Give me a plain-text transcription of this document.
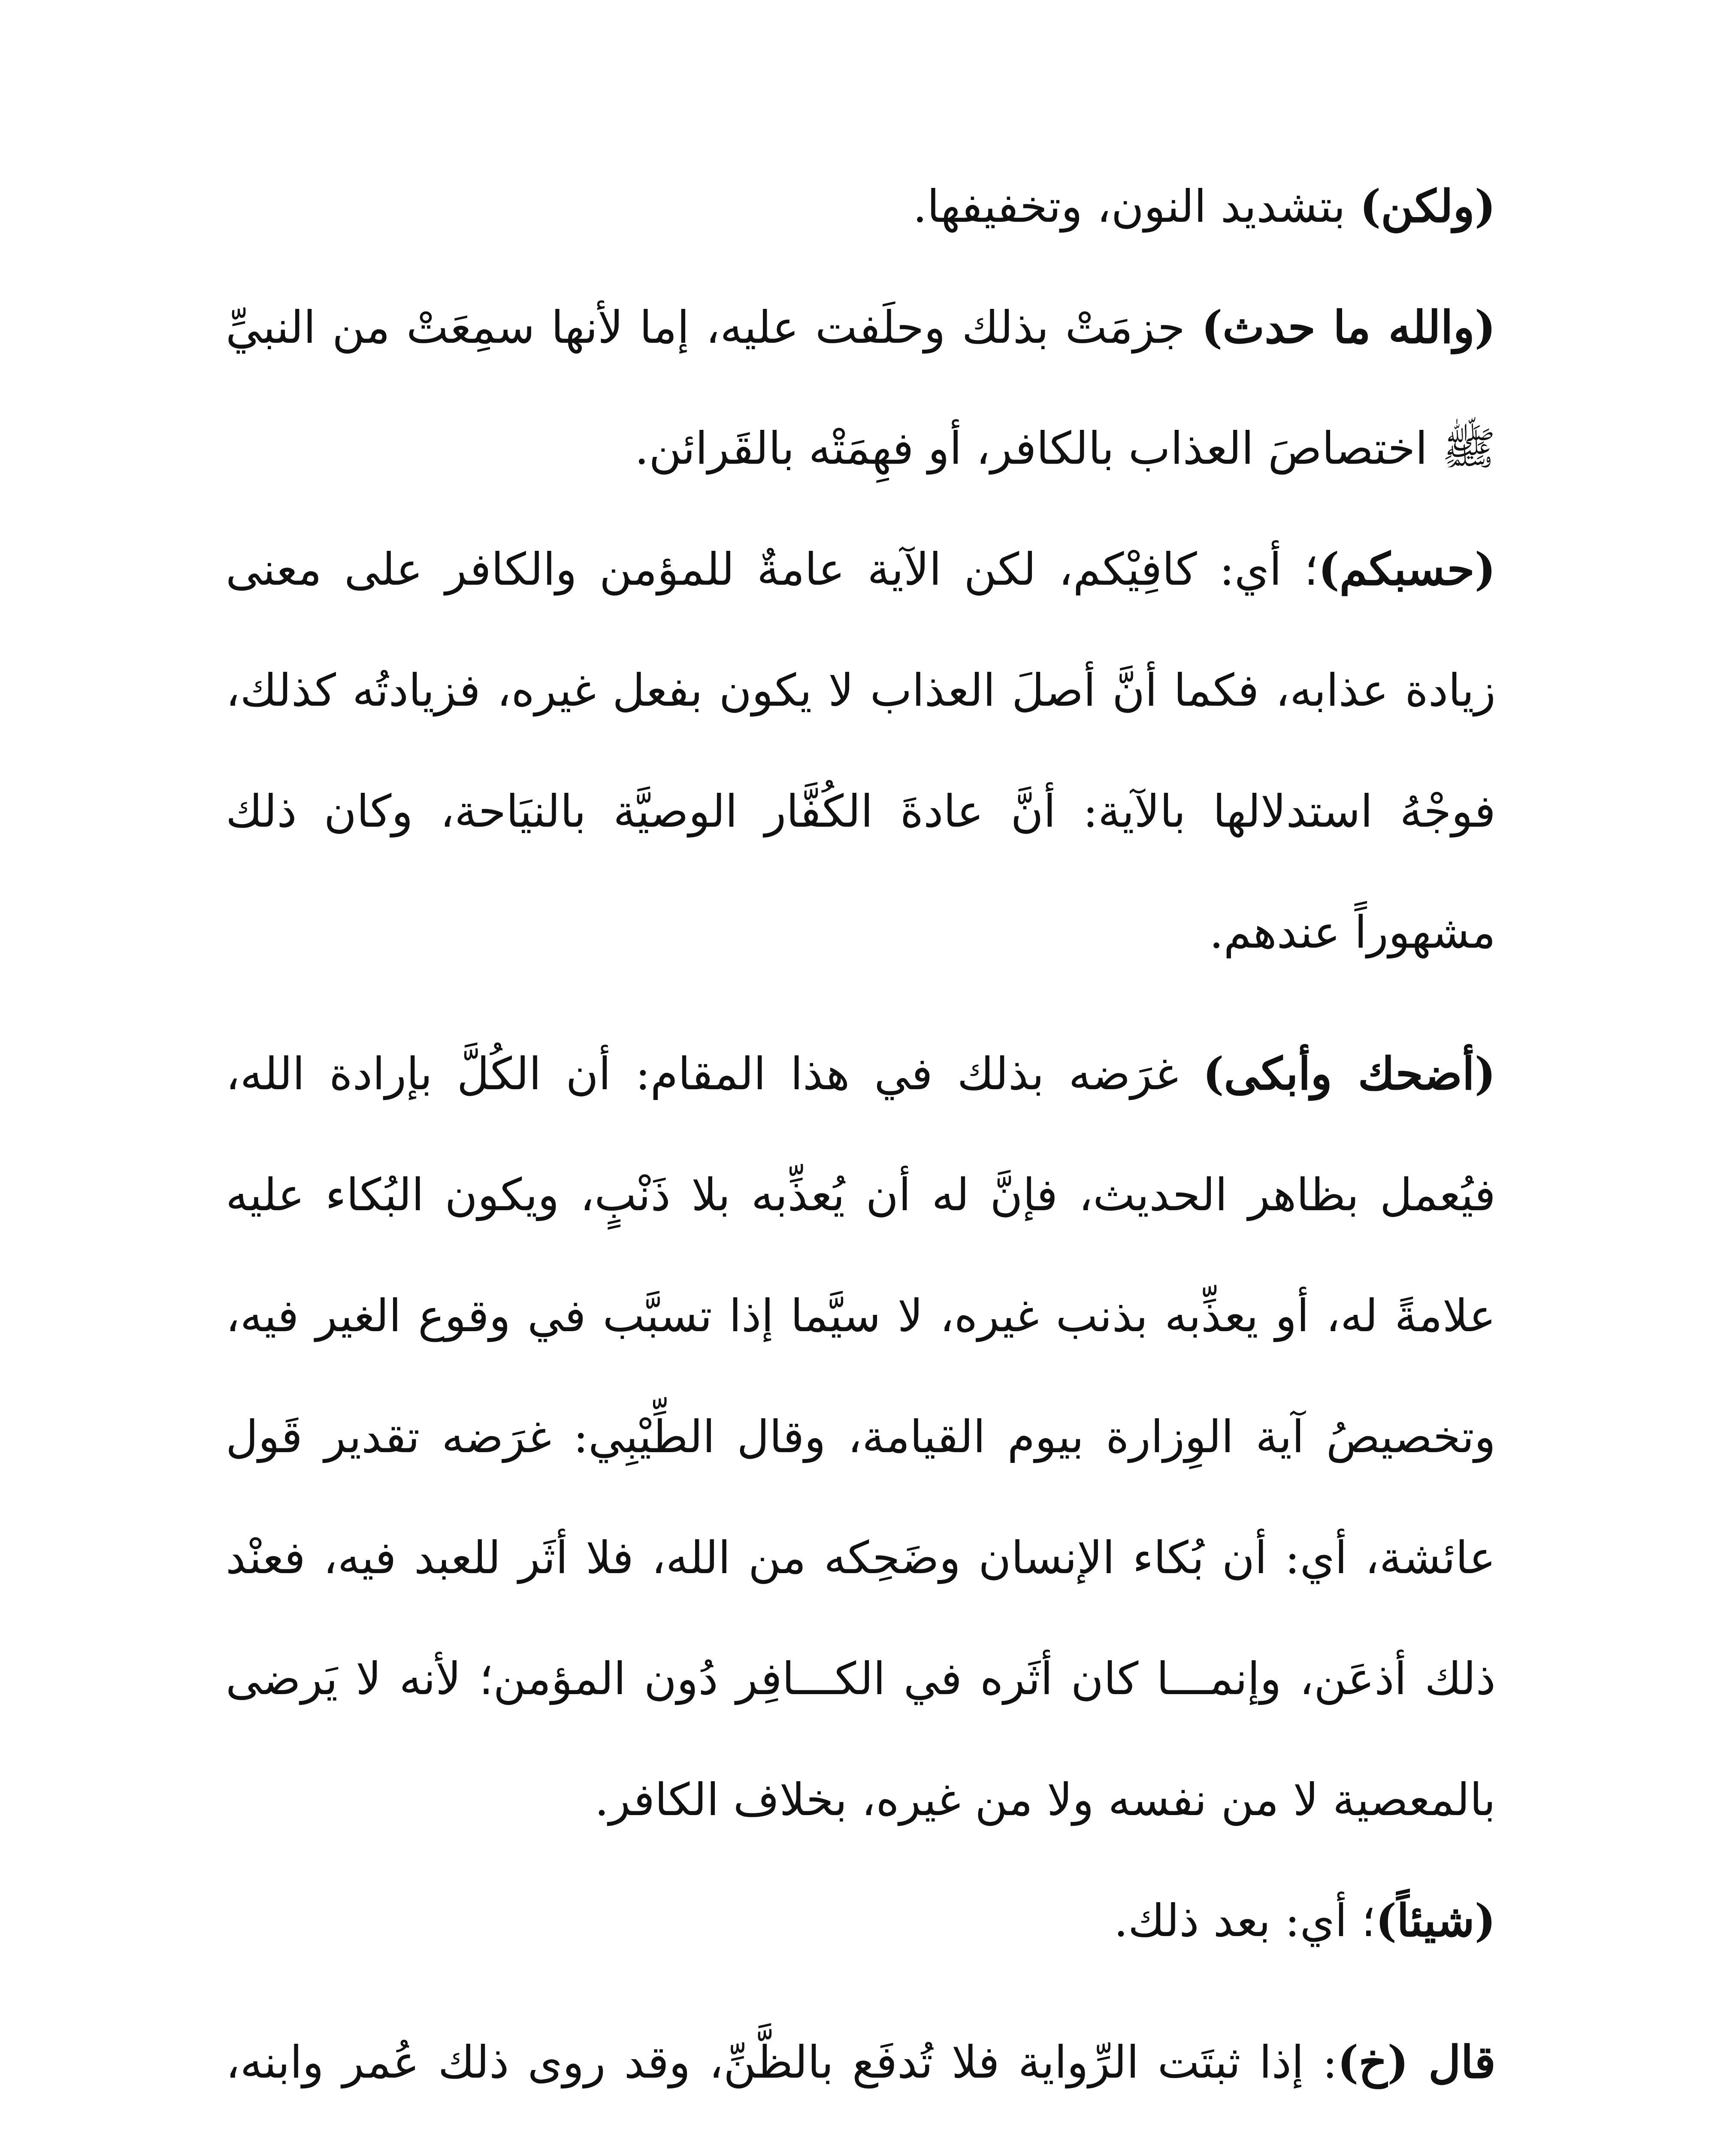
(ولكن) بتشديد النون، وتخفيفها.

(والله ما حدث) جزمَتْ بذلك وحلَفت عليه، إما لأنها سمِعَتْ من النبيِّ ﷺ اختصاصَ العذاب بالكافر، أو فهِمَتْه بالقَرائن.

(حسبكم)؛ أي: كافِيْكم، لكن الآية عامةٌ للمؤمن والكافر على معنى زيادة عذابه، فكما أنَّ أصلَ العذاب لا يكون بفعل غيره، فزيادتُه كذلك، فوجْهُ استدلالها بالآية: أنَّ عادةَ الكُفَّار الوصيَّة بالنيَاحة، وكان ذلك مشهوراً عندهم.

(أضحك وأبكى) غرَضه بذلك في هذا المقام: أن الكُلَّ بإرادة الله، فيُعمل بظاهر الحديث، فإنَّ له أن يُعذِّبه بلا ذَنْبٍ، ويكون البُكاء عليه علامةً له، أو يعذِّبه بذنب غيره، لا سيَّما إذا تسبَّب في وقوع الغير فيه، وتخصيصُ آية الوِزارة بيوم القيامة، وقال الطِّيْبِي: غرَضه تقدير قَول عائشة، أي: أن بُكاء الإنسان وضَحِكه من الله، فلا أثَر للعبد فيه، فعنْد ذلك أذعَن، وإنمـــا كان أثَره في الكـــافِر دُون المؤمن؛ لأنه لا يَرضى بالمعصية لا من نفسه ولا من غيره، بخلاف الكافر.

(شيئاً)؛ أي: بعد ذلك.

قال (خ): إذا ثبتَت الرِّواية فلا تُدفَع بالظَّنِّ، وقد روى ذلك عُمر وابنه،
